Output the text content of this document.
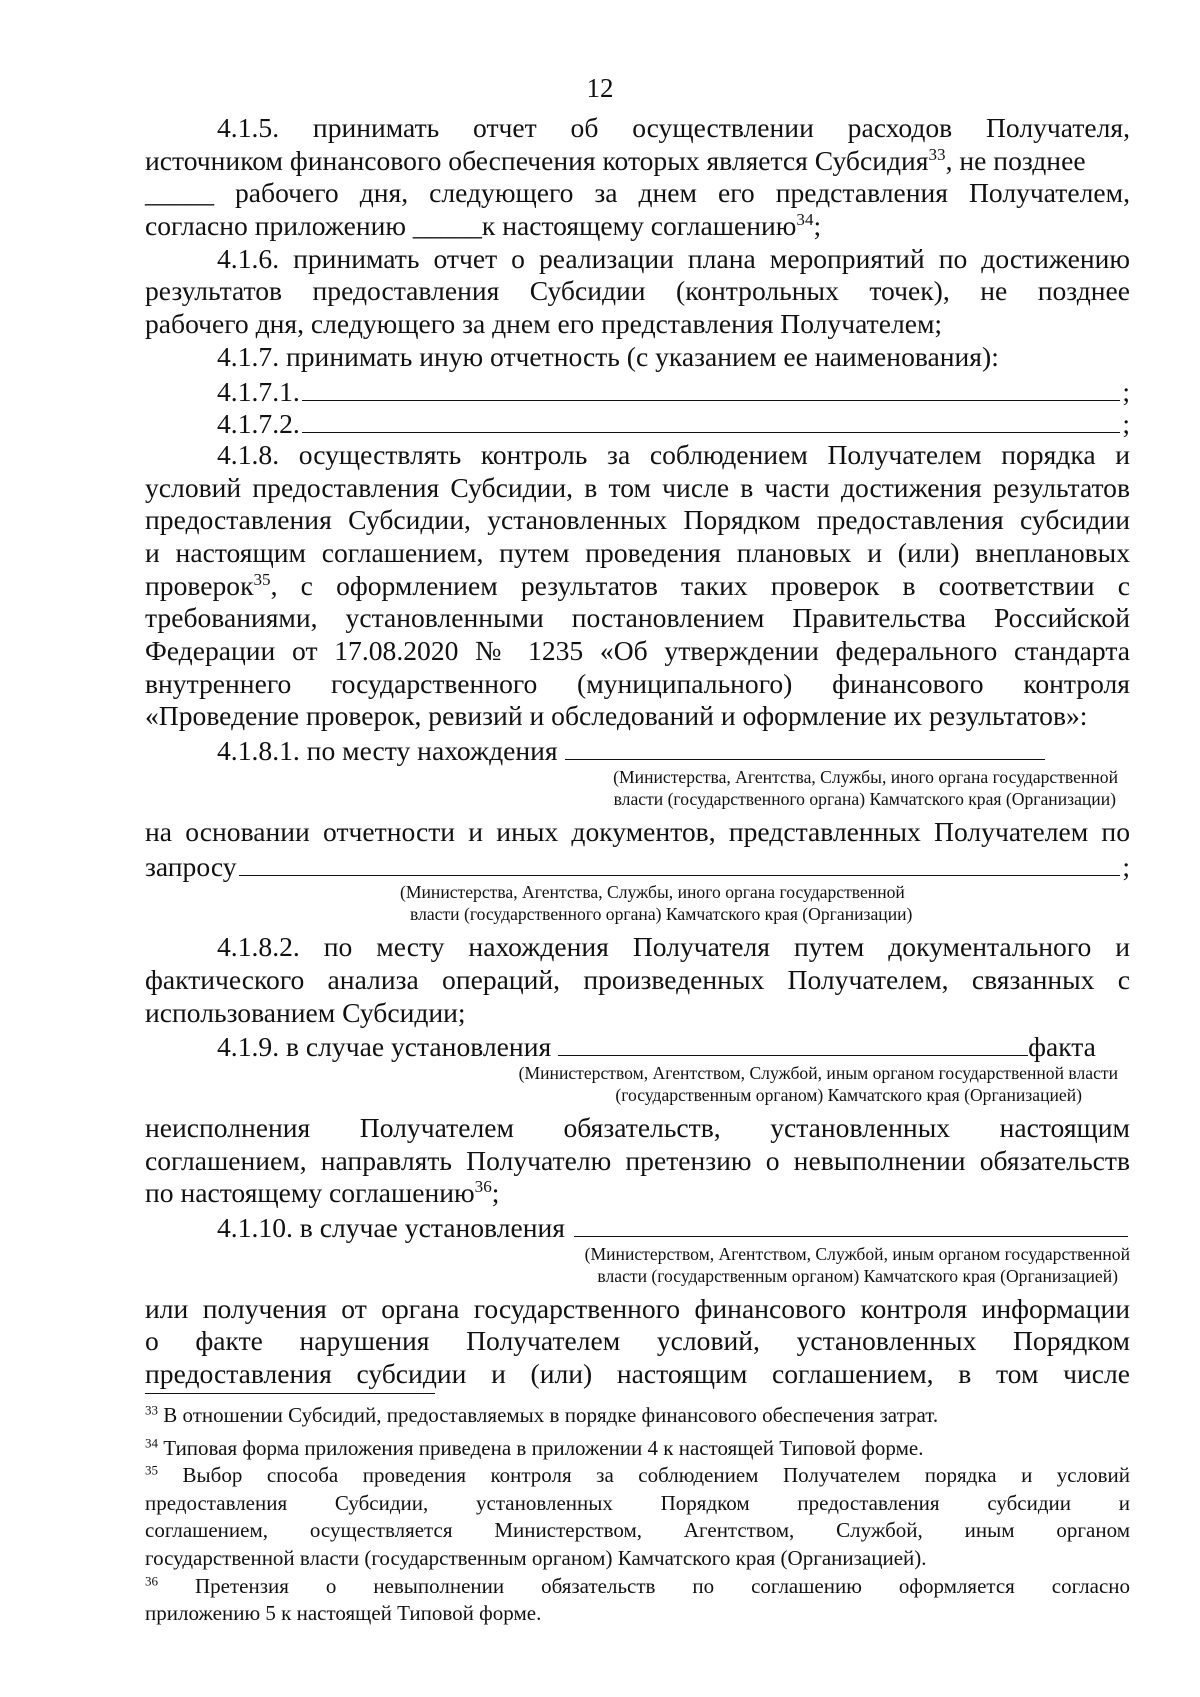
12
4.1.5. принимать отчет об осуществлении расходов Получателя,
источником финансового обеспечения которых является Субсидия$^{33}$, не позднее
_____ рабочего дня, следующего за днем его представления Получателем,
согласно приложению _____к настоящему соглашению$^{34}$;
4.1.6. принимать отчет о реализации плана мероприятий по достижению
результатов предоставления Субсидии (контрольных точек), не позднее
рабочего дня, следующего за днем его представления Получателем;
4.1.7. принимать иную отчетность (с указанием ее наименования):
4.1.7.1.	;
4.1.7.2.	;
4.1.8. осуществлять контроль за соблюдением Получателем порядка и
условий предоставления Субсидии, в том числе в части достижения результатов
предоставления Субсидии, установленных Порядком предоставления субсидии
и настоящим соглашением, путем проведения плановых и (или) внеплановых
проверок$^{35}$, с оформлением результатов таких проверок в соответствии с
требованиями, установленными постановлением Правительства Российской
Федерации от 17.08.2020 № 1235 «Об утверждении федерального стандарта
внутреннего государственного (муниципального) финансового контроля
«Проведение проверок, ревизий и обследований и оформление их результатов»:
4.1.8.1. по месту нахождения
(Министерства, Агентства, Службы, иного органа государственной
власти (государственного органа) Камчатского края (Организации)
на основании отчетности и иных документов, представленных Получателем по
запросу	;
(Министерства, Агентства, Службы, иного органа государственной
власти (государственного органа) Камчатского края (Организации)
4.1.8.2. по месту нахождения Получателя путем документального и
фактического анализа операций, произведенных Получателем, связанных с
использованием Субсидии;
4.1.9. в случае установления	факта
(Министерством, Агентством, Службой, иным органом государственной власти
(государственным органом) Камчатского края (Организацией)
неисполнения Получателем обязательств, установленных настоящим
соглашением, направлять Получателю претензию о невыполнении обязательств
по настоящему соглашению$^{36}$;
4.1.10. в случае установления

(Министерством, Агентством, Службой, иным органом государственной
власти (государственным органом) Камчатского края (Организацией)
или получения от органа государственного финансового контроля информации
о факте нарушения Получателем условий, установленных Порядком
предоставления субсидии и (или) настоящим соглашением, в том числе
$^{33}$ В отношении Субсидий, предоставляемых в порядке финансового обеспечения затрат.
$^{34}$ Типовая форма приложения приведена в приложении 4 к настоящей Типовой форме.
$^{35}$ Выбор способа проведения контроля за соблюдением Получателем порядка и условий
предоставления Субсидии, установленных Порядком предоставления субсидии и
соглашением, осуществляется Министерством, Агентством, Службой, иным органом
государственной власти (государственным органом) Камчатского края (Организацией).
$^{36}$ Претензия о невыполнении обязательств по соглашению оформляется согласно
приложению 5 к настоящей Типовой форме.
